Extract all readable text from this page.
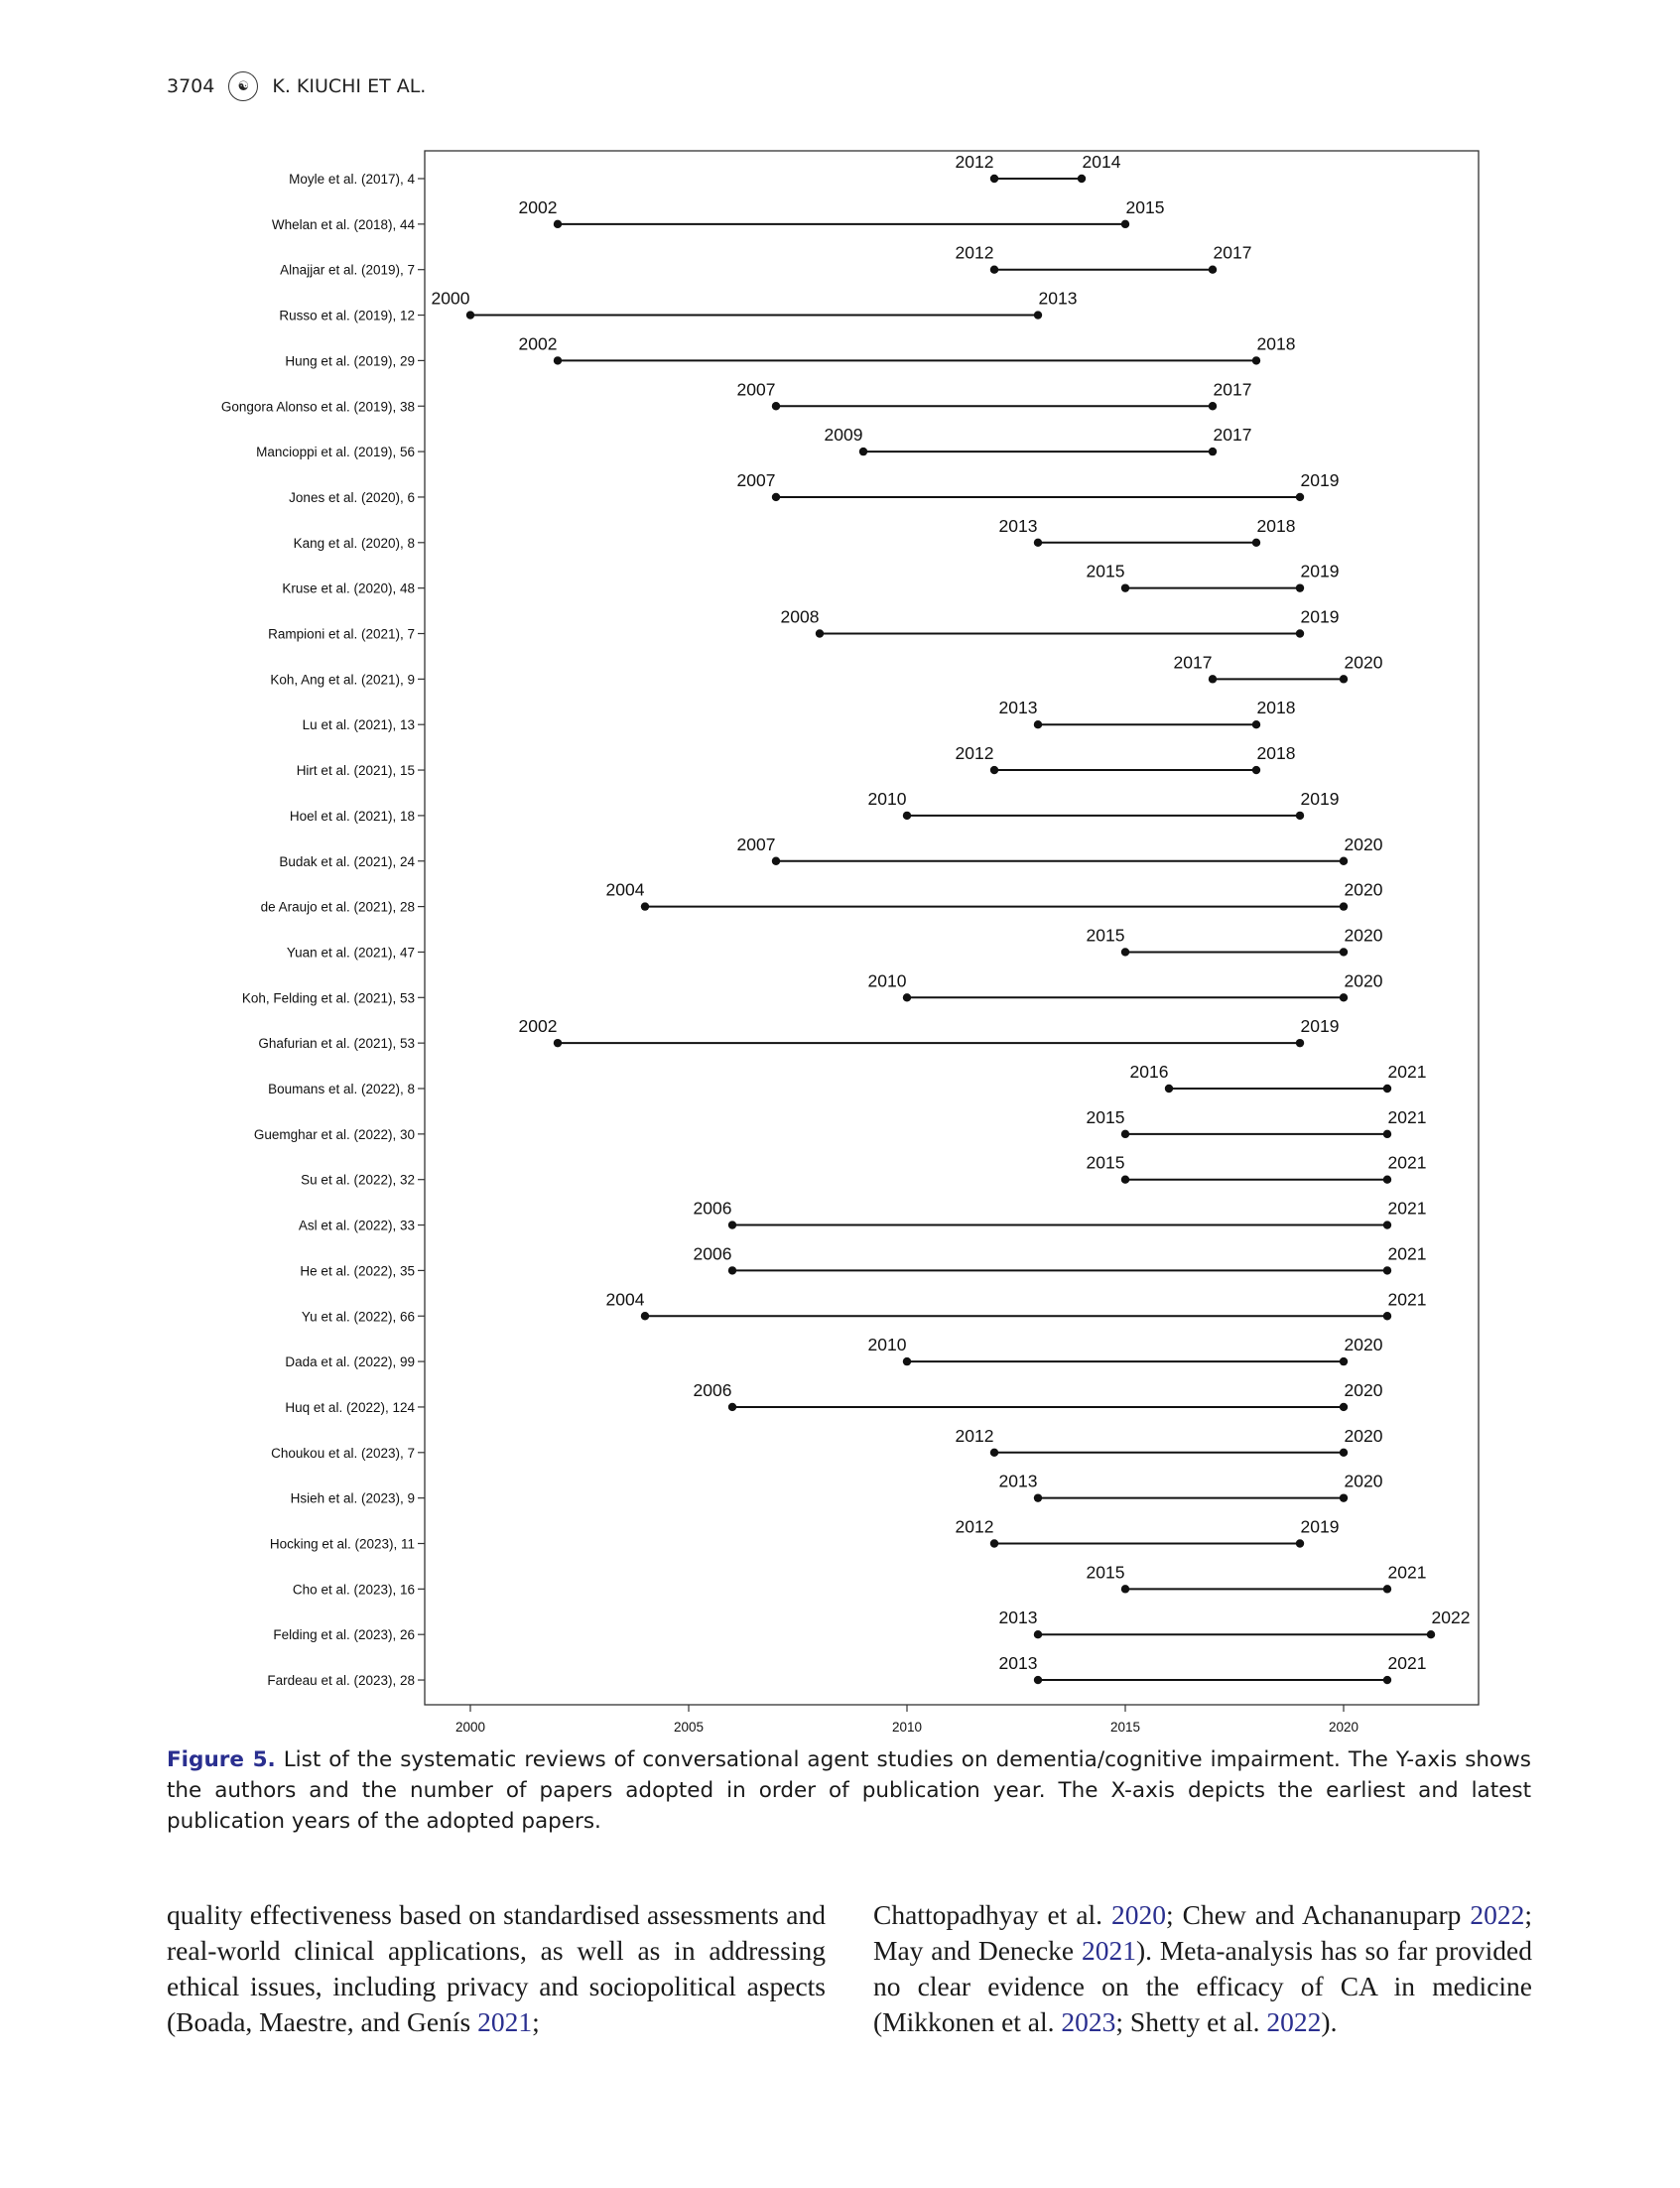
3704	☯	K. KIUCHI ET AL.
2000	2005	2010	2015	2020
Moyle et al. (2017), 4
Whelan et al. (2018), 44
Alnajjar et al. (2019), 7
Russo et al. (2019), 12
Hung et al. (2019), 29
Gongora Alonso et al. (2019), 38
Mancioppi et al. (2019), 56
Jones et al. (2020), 6
Kang et al. (2020), 8
Kruse et al. (2020), 48
Rampioni et al. (2021), 7
Koh, Ang et al. (2021), 9
Lu et al. (2021), 13
Hirt et al. (2021), 15
Hoel et al. (2021), 18
Budak et al. (2021), 24
de Araujo et al. (2021), 28
Yuan et al. (2021), 47
Koh, Felding et al. (2021), 53
Ghafurian et al. (2021), 53
Boumans et al. (2022), 8
Guemghar et al. (2022), 30
Su et al. (2022), 32
Asl et al. (2022), 33
He et al. (2022), 35
Yu et al. (2022), 66
Dada et al. (2022), 99
Huq et al. (2022), 124
Choukou et al. (2023), 7
Hsieh et al. (2023), 9
Hocking et al. (2023), 11
Cho et al. (2023), 16
Felding et al. (2023), 26
Fardeau et al. (2023), 28
2012	2014
2002	2015
2012	2017
2000	2013
2002	2018
2007	2017
2009	2017
2007	2019
2013	2018
2015	2019
2008	2019
2017	2020
2013	2018
2012	2018
2010	2019
2007	2020
2004	2020
2015	2020
2010	2020
2002	2019
2016	2021
2015	2021
2015	2021
2006	2021
2006	2021
2004	2021
2010	2020
2006	2020
2012	2020
2013	2020
2012	2019
2015	2021
2013	2022
2013	2021
Figure 5. List of the systematic reviews of conversational agent studies on dementia/cognitive impairment. The Y-axis shows the authors and the number of papers adopted in order of publication year. The X-axis depicts the earliest and latest publication years of the adopted papers.
quality effectiveness based on standardised assessments and real-world clinical applications, as well as in addressing ethical issues, including privacy and sociopolitical aspects (Boada, Maestre, and Genís 2021;
Chattopadhyay et al. 2020; Chew and Achananuparp 2022; May and Denecke 2021). Meta-analysis has so far provided no clear evidence on the efficacy of CA in medicine (Mikkonen et al. 2023; Shetty et al. 2022).
